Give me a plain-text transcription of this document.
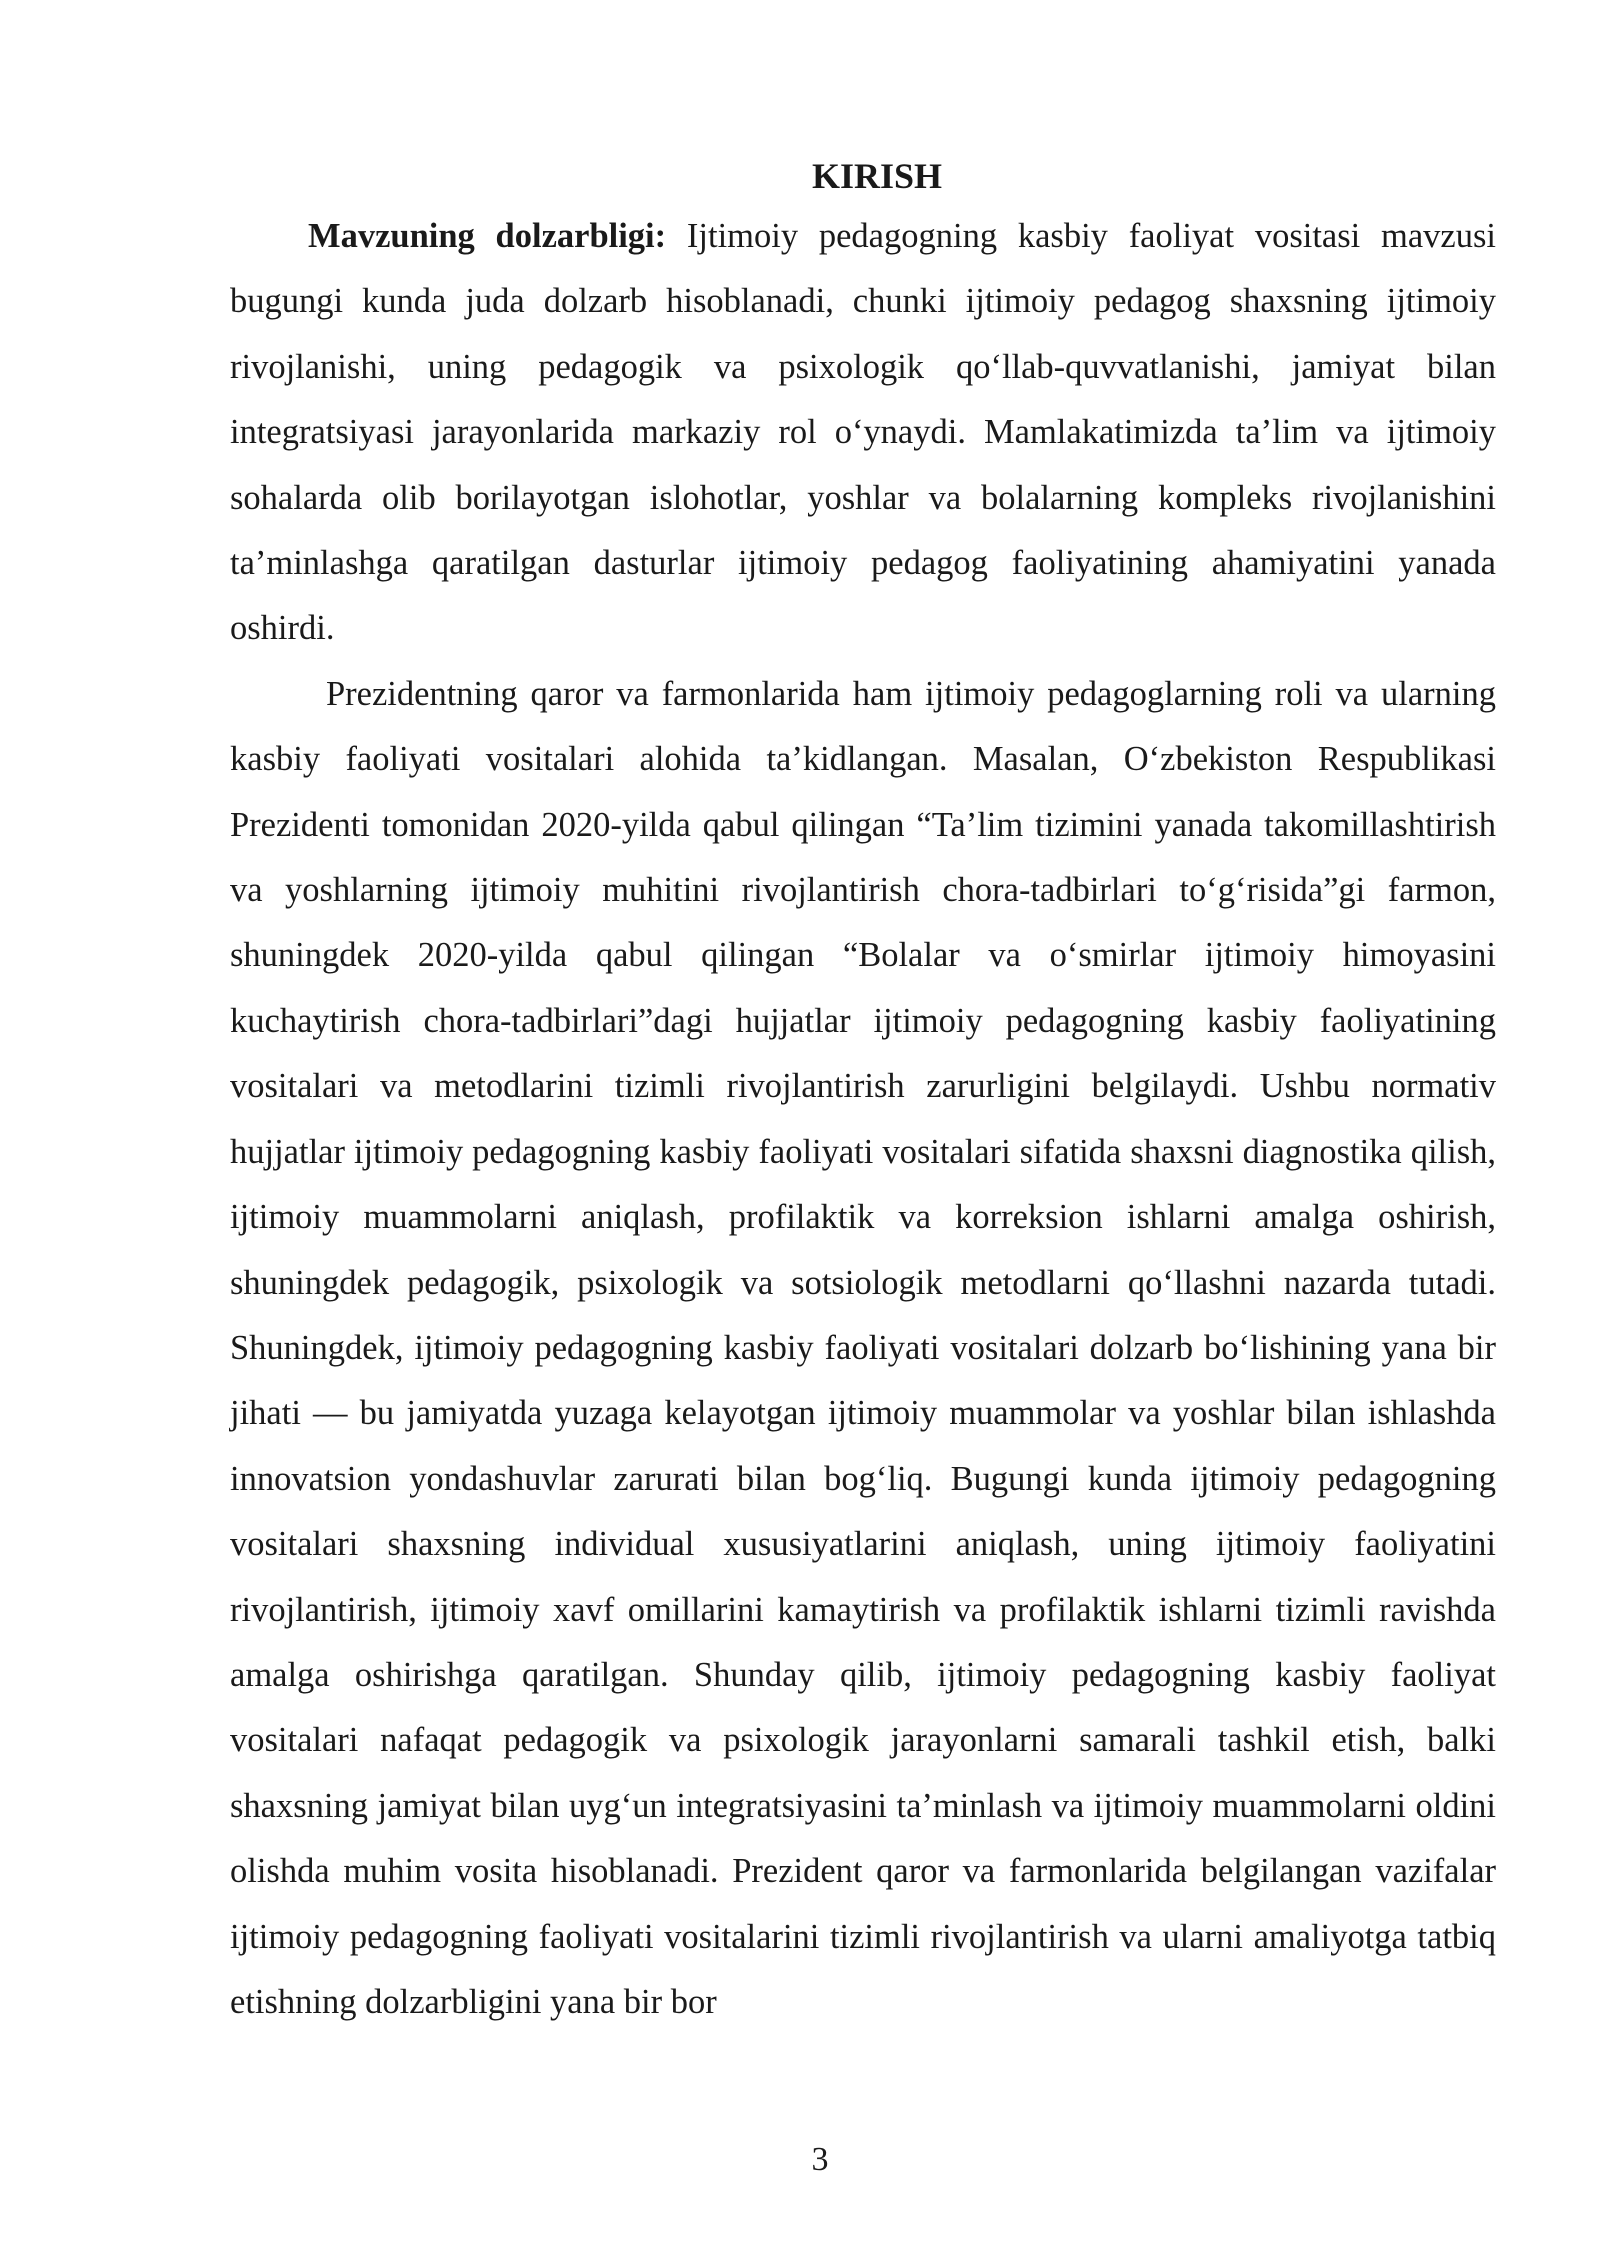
KIRISH

Mavzuning dolzarbligi: Ijtimoiy pedagogning kasbiy faoliyat vositasi mavzusi bugungi kunda juda dolzarb hisoblanadi, chunki ijtimoiy pedagog shaxsning ijtimoiy rivojlanishi, uning pedagogik va psixologik qo‘llab-quvvatlanishi, jamiyat bilan integratsiyasi jarayonlarida markaziy rol o‘ynaydi. Mamlakatimizda ta’lim va ijtimoiy sohalarda olib borilayotgan islohotlar, yoshlar va bolalarning kompleks rivojlanishini ta’minlashga qaratilgan dasturlar ijtimoiy pedagog faoliyatining ahamiyatini yanada oshirdi.

Prezidentning qaror va farmonlarida ham ijtimoiy pedagoglarning roli va ularning kasbiy faoliyati vositalari alohida ta’kidlangan. Masalan, O‘zbekiston Respublikasi Prezidenti tomonidan 2020-yilda qabul qilingan “Ta’lim tizimini yanada takomillashtirish va yoshlarning ijtimoiy muhitini rivojlantirish chora-tadbirlari to‘g‘risida”gi farmon, shuningdek 2020-yilda qabul qilingan “Bolalar va o‘smirlar ijtimoiy himoyasini kuchaytirish chora-tadbirlari”dagi hujjatlar ijtimoiy pedagogning kasbiy faoliyatining vositalari va metodlarini tizimli rivojlantirish zarurligini belgilaydi. Ushbu normativ hujjatlar ijtimoiy pedagogning kasbiy faoliyati vositalari sifatida shaxsni diagnostika qilish, ijtimoiy muammolarni aniqlash, profilaktik va korreksion ishlarni amalga oshirish, shuningdek pedagogik, psixologik va sotsiologik metodlarni qo‘llashni nazarda tutadi. Shuningdek, ijtimoiy pedagogning kasbiy faoliyati vositalari dolzarb bo‘lishining yana bir jihati — bu jamiyatda yuzaga kelayotgan ijtimoiy muammolar va yoshlar bilan ishlashda innovatsion yondashuvlar zarurati bilan bog‘liq. Bugungi kunda ijtimoiy pedagogning vositalari shaxsning individual xususiyatlarini aniqlash, uning ijtimoiy faoliyatini rivojlantirish, ijtimoiy xavf omillarini kamaytirish va profilaktik ishlarni tizimli ravishda amalga oshirishga qaratilgan. Shunday qilib, ijtimoiy pedagogning kasbiy faoliyat vositalari nafaqat pedagogik va psixologik jarayonlarni samarali tashkil etish, balki shaxsning jamiyat bilan uyg‘un integratsiyasini ta’minlash va ijtimoiy muammolarni oldini olishda muhim vosita hisoblanadi. Prezident qaror va farmonlarida belgilangan vazifalar ijtimoiy pedagogning faoliyati vositalarini tizimli rivojlantirish va ularni amaliyotga tatbiq etishning dolzarbligini yana bir bor

3
